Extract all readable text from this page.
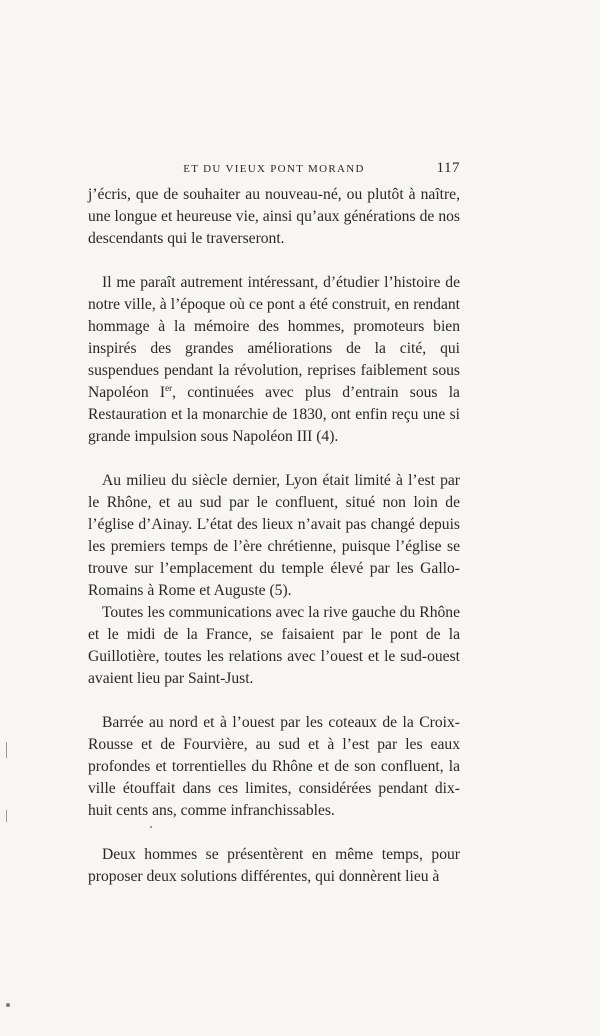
ET DU VIEUX PONT MORAND	117

j’écris, que de souhaiter au nouveau-né, ou plutôt à naître, une longue et heureuse vie, ainsi qu’aux générations de nos descendants qui le traverseront.

Il me paraît autrement intéressant, d’étudier l’histoire de notre ville, à l’époque où ce pont a été construit, en rendant hommage à la mémoire des hommes, promoteurs bien inspirés des grandes améliorations de la cité, qui suspendues pendant la révolution, reprises faiblement sous Napoléon Ier, continuées avec plus d’entrain sous la Restauration et la monarchie de 1830, ont enfin reçu une si grande impulsion sous Napoléon III (4).

Au milieu du siècle dernier, Lyon était limité à l’est par le Rhône, et au sud par le confluent, situé non loin de l’église d’Ainay. L’état des lieux n’avait pas changé depuis les premiers temps de l’ère chrétienne, puisque l’église se trouve sur l’emplacement du temple élevé par les Gallo-Romains à Rome et Auguste (5).

Toutes les communications avec la rive gauche du Rhône et le midi de la France, se faisaient par le pont de la Guillotière, toutes les relations avec l’ouest et le sud-ouest avaient lieu par Saint-Just.

Barrée au nord et à l’ouest par les coteaux de la Croix-Rousse et de Fourvière, au sud et à l’est par les eaux profondes et torrentielles du Rhône et de son confluent, la ville étouffait dans ces limites, considérées pendant dix-huit cents ans, comme infranchissables.

Deux hommes se présentèrent en même temps, pour proposer deux solutions différentes, qui donnèrent lieu à
